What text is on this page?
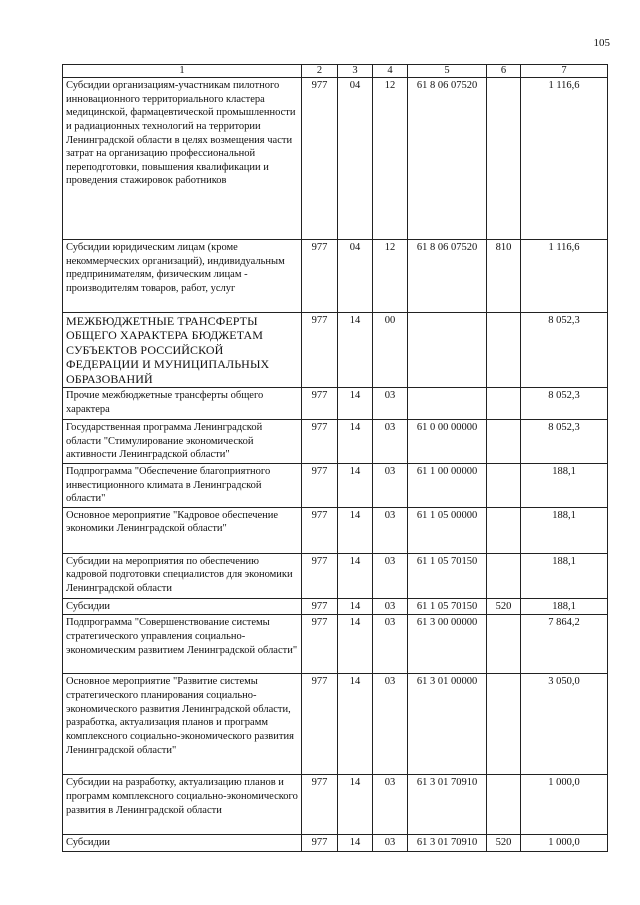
105
1	2	3	4	5	6	7
Субсидии организациям-участникам пилотного инновационного территориального кластера медицинской, фармацевтической промышленности и радиационных технологий на территории Ленинградской области в целях возмещения части затрат на организацию профессиональной переподготовки, повышения квалификации и проведения стажировок работников	977	04	12	61 8 06 07520		1 116,6
Субсидии юридическим лицам (кроме некоммерческих организаций), индивидуальным предпринимателям, физическим лицам - производителям товаров, работ, услуг	977	04	12	61 8 06 07520	810	1 116,6
МЕЖБЮДЖЕТНЫЕ ТРАНСФЕРТЫ ОБЩЕГО ХАРАКТЕРА БЮДЖЕТАМ СУБЪЕКТОВ РОССИЙСКОЙ ФЕДЕРАЦИИ И МУНИЦИПАЛЬНЫХ ОБРАЗОВАНИЙ	977	14	00			8 052,3
Прочие межбюджетные трансферты общего характера	977	14	03			8 052,3
Государственная программа Ленинградской области "Стимулирование экономической активности Ленинградской области"	977	14	03	61 0 00 00000		8 052,3
Подпрограмма "Обеспечение благоприятного инвестиционного климата в Ленинградской области"	977	14	03	61 1 00 00000		188,1
Основное мероприятие "Кадровое обеспечение экономики Ленинградской области"	977	14	03	61 1 05 00000		188,1
Субсидии на мероприятия по обеспечению кадровой подготовки специалистов для экономики Ленинградской области	977	14	03	61 1 05 70150		188,1
Субсидии	977	14	03	61 1 05 70150	520	188,1
Подпрограмма "Совершенствование системы стратегического управления социально-экономическим развитием Ленинградской области"	977	14	03	61 3 00 00000		7 864,2
Основное мероприятие "Развитие системы стратегического планирования социально-экономического развития Ленинградской области, разработка, актуализация планов и программ комплексного социально-экономического развития Ленинградской области"	977	14	03	61 3 01 00000		3 050,0
Субсидии на разработку, актуализацию планов и программ комплексного социально-экономического развития в Ленинградской области	977	14	03	61 3 01 70910		1 000,0
Субсидии	977	14	03	61 3 01 70910	520	1 000,0
